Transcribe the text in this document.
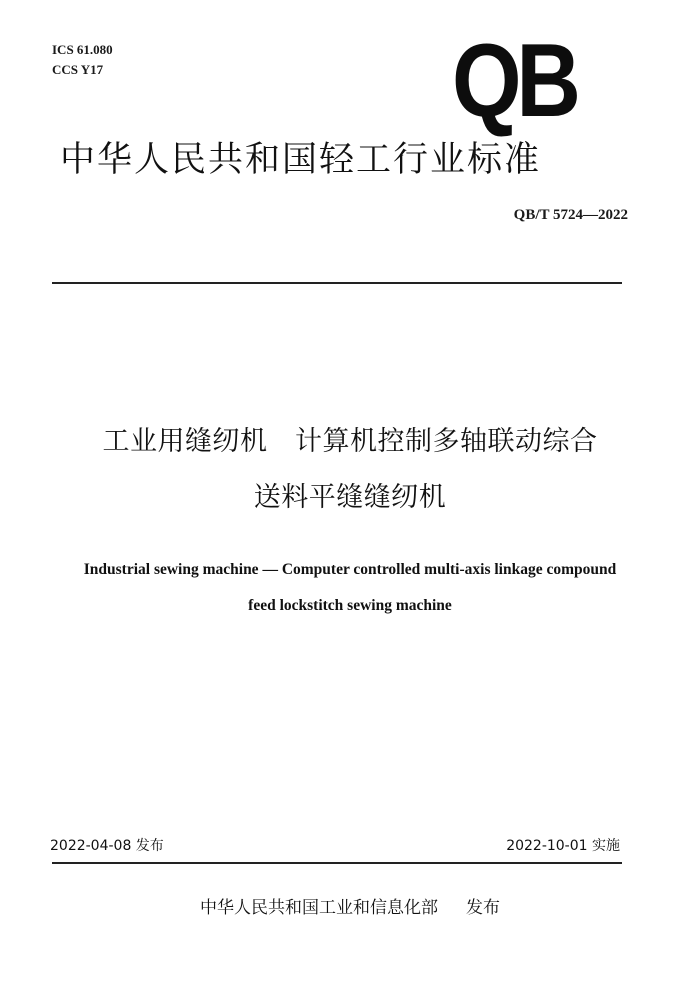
ICS 61.080
CCS Y17	QB
中华人民共和国轻工行业标准
QB/T 5724—2022
工业用缝纫机　计算机控制多轴联动综合
送料平缝缝纫机
Industrial sewing machine — Computer controlled multi-axis linkage compound
feed lockstitch sewing machine
2022-04-08 发布	2022-10-01 实施
中华人民共和国工业和信息化部 发布
